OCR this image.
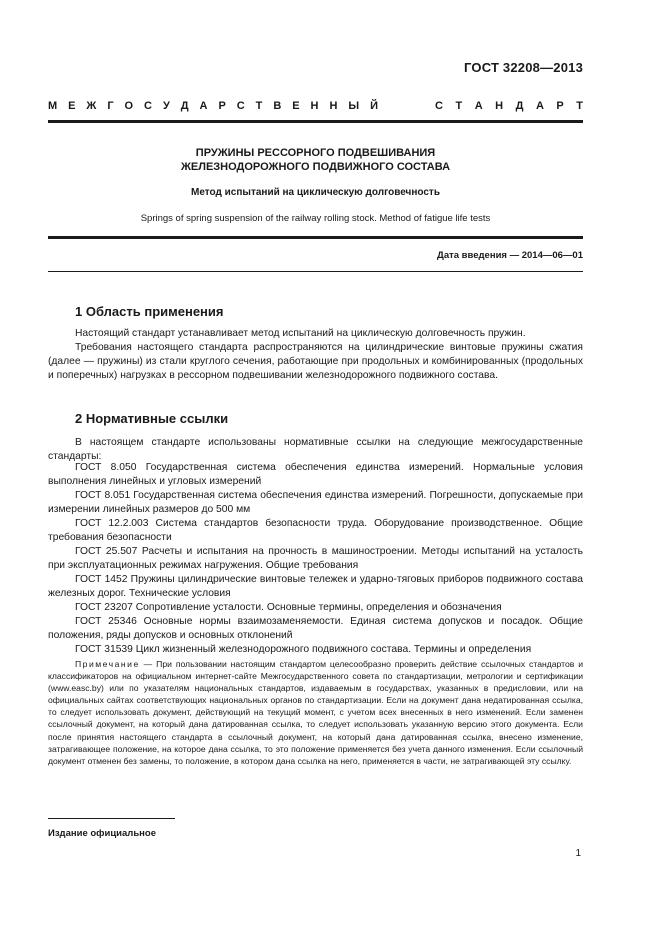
ГОСТ 32208—2013
М Е Ж Г О С У Д А Р С Т В Е Н Н Ы Й	С Т А Н Д А Р Т
ПРУЖИНЫ РЕССОРНОГО ПОДВЕШИВАНИЯ
ЖЕЛЕЗНОДОРОЖНОГО ПОДВИЖНОГО СОСТАВА
Метод испытаний на циклическую долговечность
Springs of spring suspension of the railway rolling stock. Method of fatigue life tests
Дата введения — 2014—06—01
1 Область применения

Настоящий стандарт устанавливает метод испытаний на циклическую долговечность пружин.

Требования настоящего стандарта распространяются на цилиндрические винтовые пружины сжатия (далее — пружины) из стали круглого сечения, работающие при продольных и комбинированных (продольных и поперечных) нагрузках в рессорном подвешивании железнодорожного подвижного состава.

2 Нормативные ссылки

В настоящем стандарте использованы нормативные ссылки на следующие межгосударственные стандарты:

ГОСТ 8.050 Государственная система обеспечения единства измерений. Нормальные условия выполнения линейных и угловых измерений

ГОСТ 8.051 Государственная система обеспечения единства измерений. Погрешности, допускаемые при измерении линейных размеров до 500 мм

ГОСТ 12.2.003 Система стандартов безопасности труда. Оборудование производственное. Общие требования безопасности

ГОСТ 25.507 Расчеты и испытания на прочность в машиностроении. Методы испытаний на усталость при эксплуатационных режимах нагружения. Общие требования

ГОСТ 1452 Пружины цилиндрические винтовые тележек и ударно-тяговых приборов подвижного состава железных дорог. Технические условия

ГОСТ 23207 Сопротивление усталости. Основные термины, определения и обозначения

ГОСТ 25346 Основные нормы взаимозаменяемости. Единая система допусков и посадок. Общие положения, ряды допусков и основных отклонений

ГОСТ 31539 Цикл жизненный железнодорожного подвижного состава. Термины и определения

Примечание — При пользовании настоящим стандартом целесообразно проверить действие ссылочных стандартов и классификаторов на официальном интернет-сайте Межгосударственного совета по стандартизации, метрологии и сертификации (www.easc.by) или по указателям национальных стандартов, издаваемым в государствах, указанных в предисловии, или на официальных сайтах соответствующих национальных органов по стандартизации. Если на документ дана недатированная ссылка, то следует использовать документ, действующий на текущий момент, с учетом всех внесенных в него изменений. Если заменен ссылочный документ, на который дана датированная ссылка, то следует использовать указанную версию этого документа. Если после принятия настоящего стандарта в ссылочный документ, на который дана датированная ссылка, внесено изменение, затрагивающее положение, на которое дана ссылка, то это положение применяется без учета данного изменения. Если ссылочный документ отменен без замены, то положение, в котором дана ссылка на него, применяется в части, не затрагивающей эту ссылку.

Издание официальное
1
